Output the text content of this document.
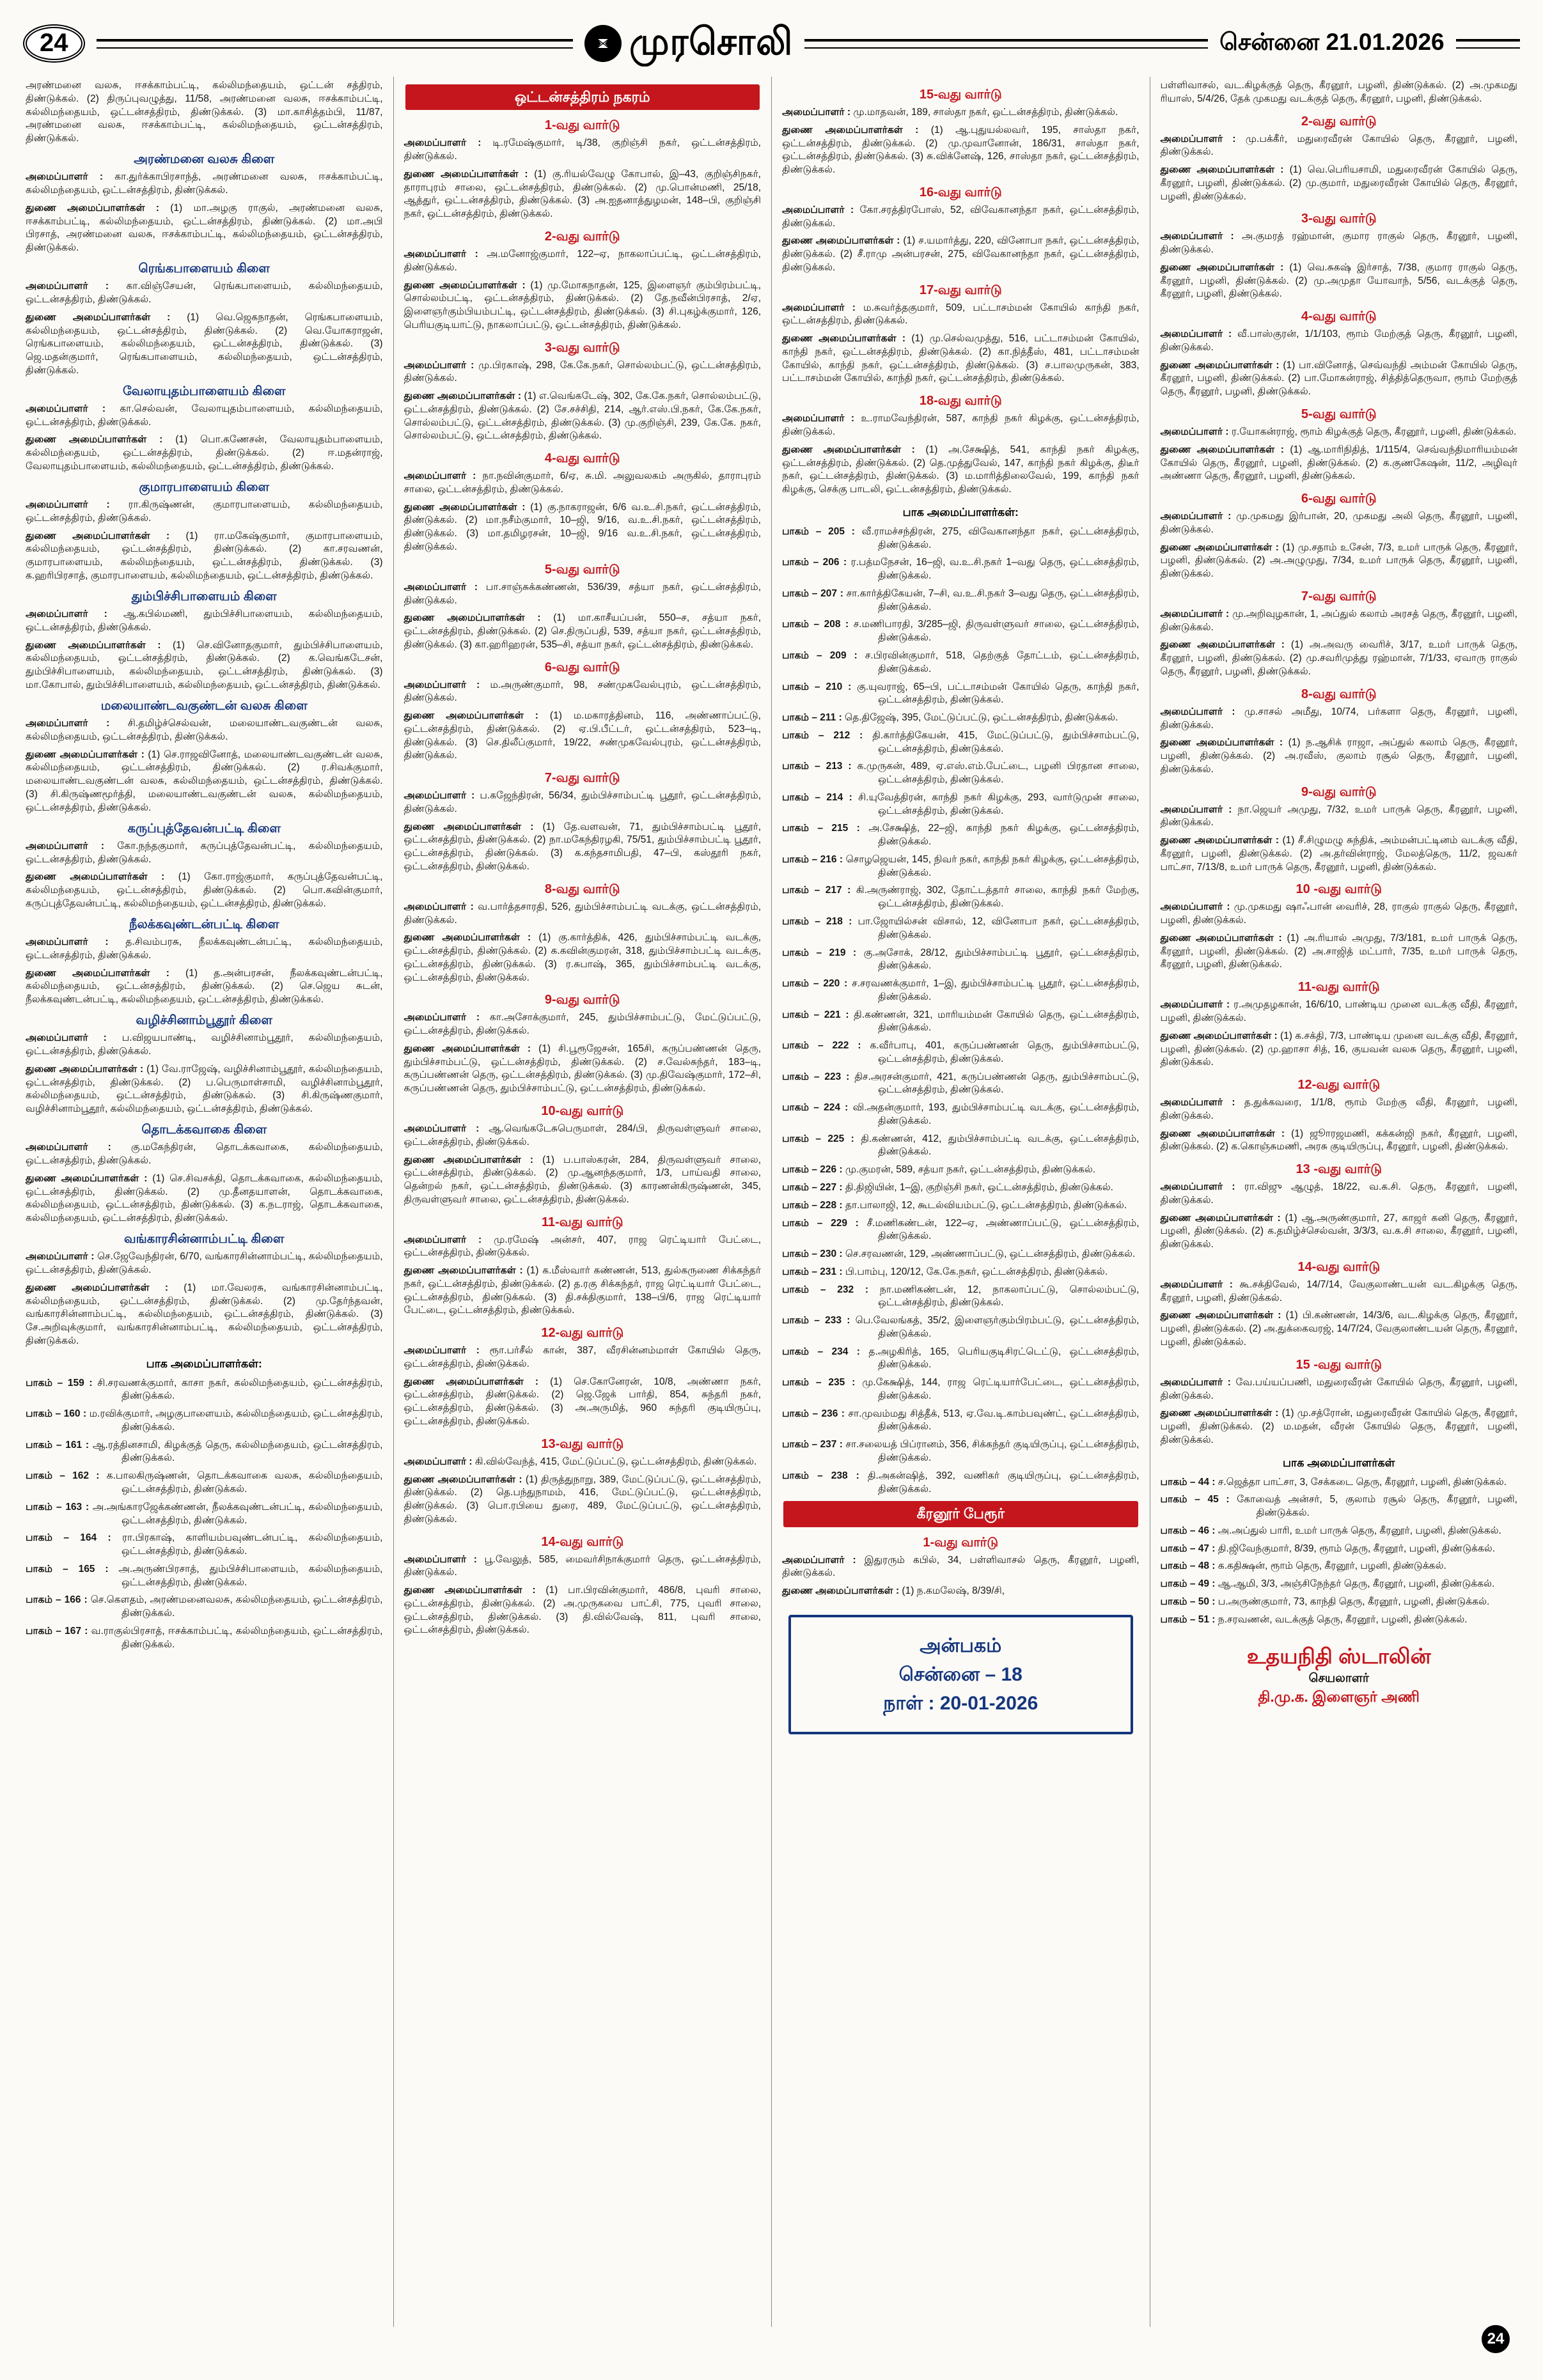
24	முரசொலி	சென்னை 21.01.2026

அரண்மனை வலசு, ஈசக்காம்பட்டி, கல்லிமந்தையம், ஒட்டன் சத்திரம், திண்டுக்கல். (2) திருப்புவழுத்து, 11/58, அரண்மனை வலசு, ஈசக்காம்பட்டி, கல்லிமந்தையம், ஒட்டன்சத்திரம், திண்டுக்கல். (3) மா.காசித்தம்பி, 11/87, அரண்மனை வலசு, ஈசக்காம்பட்டி, கல்லிமந்தையம், ஒட்டன்சத்திரம், திண்டுக்கல்.

அரண்மனை வலசு கிளை

அமைப்பாளர் : கா.துர்க்காபிரசாந்த், அரண்மனை வலசு, ஈசக்காம்பட்டி, கல்லிமந்தையம், ஒட்டன்சத்திரம், திண்டுக்கல்.

துணை அமைப்பாளர்கள் : (1) மா.அழகு ராகுல், அரண்மனை வலசு, ஈசக்காம்பட்டி, கல்லிமந்தையம், ஒட்டன்சத்திரம், திண்டுக்கல். (2) மா.அபி பிரசாத், அரண்மனை வலசு, ஈசக்காம்பட்டி, கல்லிமந்தையம், ஒட்டன்சத்திரம், திண்டுக்கல்.

ரெங்கபாளையம் கிளை

அமைப்பாளர் : கா.விஞ்சேயன், ரெங்கபாளையம், கல்லிமந்தையம், ஒட்டன்சத்திரம், திண்டுக்கல்.

துணை அமைப்பாளர்கள் : (1) வெ.ஜெகநாதன், ரெங்கபாளையம், கல்லிமந்தையம், ஒட்டன்சத்திரம், திண்டுக்கல். (2) வெ.யோகராஜன், ரெங்கபாளையம், கல்லிமந்தையம், ஒட்டன்சத்திரம், திண்டுக்கல். (3) ஜெ.மதன்குமார், ரெங்கபாளையம், கல்லிமந்தையம், ஒட்டன்சத்திரம், திண்டுக்கல்.

வேலாயுதம்பாளையம் கிளை

அமைப்பாளர் : கா.செல்வன், வேலாயுதம்பாளையம், கல்லிமந்தையம், ஒட்டன்சத்திரம், திண்டுக்கல்.

துணை அமைப்பாளர்கள் : (1) பொ.கணேசன், வேலாயுதம்பாளையம், கல்லிமந்தையம், ஒட்டன்சத்திரம், திண்டுக்கல். (2) ஈ.மதன்ராஜ், வேலாயுதம்பாளையம், கல்லிமந்தையம், ஒட்டன்சத்திரம், திண்டுக்கல்.

குமாரபாளையம் கிளை

அமைப்பாளர் : ரா.கிருஷ்ணன், குமாரபாளையம், கல்லிமந்தையம், ஒட்டன்சத்திரம், திண்டுக்கல்.

துணை அமைப்பாளர்கள் : (1) ரா.மகேஷ்குமார், குமாரபாளையம், கல்லிமந்தையம், ஒட்டன்சத்திரம், திண்டுக்கல். (2) கா.சரவணன், குமாரபாளையம், கல்லிமந்தையம், ஒட்டன்சத்திரம், திண்டுக்கல். (3) க.ஹரிபிரசாத், குமாரபாளையம், கல்லிமந்தையம், ஒட்டன்சத்திரம், திண்டுக்கல்.

தும்பிச்சிபாளையம் கிளை

அமைப்பாளர் : ஆ.கபில்மணி, தும்பிச்சிபாளையம், கல்லிமந்தையம், ஒட்டன்சத்திரம், திண்டுக்கல்.

துணை அமைப்பாளர்கள் : (1) செ.வினோதகுமார், தும்பிச்சிபாளையம், கல்லிமந்தையம், ஒட்டன்சத்திரம், திண்டுக்கல். (2) க.வெங்கடேசன், தும்பிச்சிபாளையம், கல்லிமந்தையம், ஒட்டன்சத்திரம், திண்டுக்கல். (3) மா.கோபால், தும்பிச்சிபாளையம், கல்லிமந்தையம், ஒட்டன்சத்திரம், திண்டுக்கல்.

மலையாண்டவகுண்டன் வலசு கிளை

அமைப்பாளர் : சி.தமிழ்ச்செல்வன், மலையாண்டவகுண்டன் வலசு, கல்லிமந்தையம், ஒட்டன்சத்திரம், திண்டுக்கல்.

துணை அமைப்பாளர்கள் : (1) செ.ராஜவினோத், மலையாண்டவகுண்டன் வலசு, கல்லிமந்தையம், ஒட்டன்சத்திரம், திண்டுக்கல். (2) ர.சிவக்குமார், மலையாண்டவகுண்டன் வலசு, கல்லிமந்தையம், ஒட்டன்சத்திரம், திண்டுக்கல். (3) சி.கிருஷ்ணமூர்த்தி, மலையாண்டவகுண்டன் வலசு, கல்லிமந்தையம், ஒட்டன்சத்திரம், திண்டுக்கல்.

கருப்புத்தேவன்பட்டி கிளை

அமைப்பாளர் : கோ.நந்தகுமார், கருப்புத்தேவன்பட்டி, கல்லிமந்தையம், ஒட்டன்சத்திரம், திண்டுக்கல்.

துணை அமைப்பாளர்கள் : (1) கோ.ராஜ்குமார், கருப்புத்தேவன்பட்டி, கல்லிமந்தையம், ஒட்டன்சத்திரம், திண்டுக்கல். (2) பொ.கவின்குமார், கருப்புத்தேவன்பட்டி, கல்லிமந்தையம், ஒட்டன்சத்திரம், திண்டுக்கல்.

நீலக்கவுண்டன்பட்டி கிளை

அமைப்பாளர் : த.சிவம்பரசு, நீலக்கவுண்டன்பட்டி, கல்லிமந்தையம், ஒட்டன்சத்திரம், திண்டுக்கல்.

துணை அமைப்பாளர்கள் : (1) த.அன்பரசன், நீலக்கவுண்டன்பட்டி, கல்லிமந்தையம், ஒட்டன்சத்திரம், திண்டுக்கல். (2) செ.ஜெய சுடன், நீலக்கவுண்டன்பட்டி, கல்லிமந்தையம், ஒட்டன்சத்திரம், திண்டுக்கல்.

வழிச்சினாம்பூதூர் கிளை

அமைப்பாளர் : ப.விஜயபாண்டி, வழிச்சினாம்பூதூர், கல்லிமந்தையம், ஒட்டன்சத்திரம், திண்டுக்கல்.

துணை அமைப்பாளர்கள் : (1) வே.ராஜேஷ், வழிச்சினாம்பூதூர், கல்லிமந்தையம், ஒட்டன்சத்திரம், திண்டுக்கல். (2) ப.பெருமாள்சாமி, வழிச்சினாம்பூதூர், கல்லிமந்தையம், ஒட்டன்சத்திரம், திண்டுக்கல். (3) சி.கிருஷ்ணகுமார், வழிச்சினாம்பூதூர், கல்லிமந்தையம், ஒட்டன்சத்திரம், திண்டுக்கல்.

தொடக்கவாகை கிளை

அமைப்பாளர் : கு.மகேந்திரன், தொடக்கவாகை, கல்லிமந்தையம், ஒட்டன்சத்திரம், திண்டுக்கல்.

துணை அமைப்பாளர்கள் : (1) செ.சிவசக்தி, தொடக்கவாகை, கல்லிமந்தையம், ஒட்டன்சத்திரம், திண்டுக்கல். (2) மு.தீனதயாளன், தொடக்கவாகை, கல்லிமந்தையம், ஒட்டன்சத்திரம், திண்டுக்கல். (3) க.நடராஜ், தொடக்கவாகை, கல்லிமந்தையம், ஒட்டன்சத்திரம், திண்டுக்கல்.

வங்காரசின்னாம்பட்டி கிளை

அமைப்பாளர் : செ.ஜேவேந்திரன், 6/70, வங்காரசின்னாம்பட்டி, கல்லிமந்தையம், ஒட்டன்சத்திரம், திண்டுக்கல்.

துணை அமைப்பாளர்கள் : (1) மா.வேலரசு, வங்காரசின்னாம்பட்டி, கல்லிமந்தையம், ஒட்டன்சத்திரம், திண்டுக்கல். (2) மு.தேர்ந்தவன், வங்காரசின்னாம்பட்டி, கல்லிமந்தையம், ஒட்டன்சத்திரம், திண்டுக்கல். (3) சே.அறிவுக்குமார், வங்காரசின்னாம்பட்டி, கல்லிமந்தையம், ஒட்டன்சத்திரம், திண்டுக்கல்.

பாக அமைப்பாளர்கள்:

பாகம் – 159 : சி.சரவணக்குமார், காசா நகர், கல்லிமந்தையம், ஒட்டன்சத்திரம், திண்டுக்கல்.

பாகம் – 160 : ம.ரவிக்குமார், அழகுபாளையம், கல்லிமந்தையம், ஒட்டன்சத்திரம், திண்டுக்கல்.

பாகம் – 161 : ஆ.ரத்தினசாமி, கிழக்குத் தெரு, கல்லிமந்தையம், ஒட்டன்சத்திரம், திண்டுக்கல்.

பாகம் – 162 : க.பாலகிருஷ்ணன், தொடக்கவாகை வலசு, கல்லிமந்தையம், ஒட்டன்சத்திரம், திண்டுக்கல்.

பாகம் – 163 : அ.அங்காரஜேக்கண்ணன், நீலக்கவுண்டன்பட்டி, கல்லிமந்தையம், ஒட்டன்சத்திரம், திண்டுக்கல்.

பாகம் – 164 : ரா.பிரகாஷ், காளியம்பவுண்டன்பட்டி, கல்லிமந்தையம், ஒட்டன்சத்திரம், திண்டுக்கல்.

பாகம் – 165 : அ.அருண்பிரசாத், தும்பிச்சிபாளையம், கல்லிமந்தையம், ஒட்டன்சத்திரம், திண்டுக்கல்.

பாகம் – 166 : செ.கௌதம், அரண்மனைவலசு, கல்லிமந்தையம், ஒட்டன்சத்திரம், திண்டுக்கல்.

பாகம் – 167 : வ.ராகுல்பிரசாத், ஈசக்காம்பட்டி, கல்லிமந்தையம், ஒட்டன்சத்திரம், திண்டுக்கல்.

ஒட்டன்சத்திரம் நகரம்
1-வது வார்டு

அமைப்பாளர் : டி.ரமேஷ்குமார், டி/38, குறிஞ்சி நகர், ஒட்டன்சத்திரம், திண்டுக்கல்.

துணை அமைப்பாளர்கள் : (1) கு.ரியல்வேழு கோபால், இ–43, குறிஞ்சிநகர், தாராபுரம் சாலை, ஒட்டன்சத்திரம், திண்டுக்கல். (2) மு.பொன்மணி, 25/18, ஆத்துர், ஒட்டன்சத்திரம், திண்டுக்கல். (3) அ.ஐதனாத்துழமன், 148–பி, குறிஞ்சி நகர், ஒட்டன்சத்திரம், திண்டுக்கல்.

2-வது வார்டு

அமைப்பாளர் : அ.மனோஜ்குமார், 122–ஏ, நாகலாப்பட்டி, ஒட்டன்சத்திரம், திண்டுக்கல்.

துணை அமைப்பாளர்கள் : (1) மு.மோகநாதன், 125, இளைஞர் கும்பிரம்பட்டி, சொல்லம்பட்டி, ஒட்டன்சத்திரம், திண்டுக்கல். (2) தே.நவீன்பிரசாத், 2/ஏ, இளைஞர்கும்பியம்பட்டி, ஒட்டன்சத்திரம், திண்டுக்கல். (3) சி.புகழ்க்குமார், 126, பெரியகுடியாட்டு, நாகலாப்பட்டு, ஒட்டன்சத்திரம், திண்டுக்கல்.

3-வது வார்டு

அமைப்பாளர் : மு.பிரகாஷ், 298, கே.கே.நகர், சொல்லம்பட்டு, ஒட்டன்சத்திரம், திண்டுக்கல்.

துணை அமைப்பாளர்கள் : (1) எ.வெங்கடேஷ், 302, கே.கே.நகர், சொல்லம்பட்டு, ஒட்டன்சத்திரம், திண்டுக்கல். (2) சே.சச்சிதி, 214, ஆர்.எஸ்.பி.நகர், கே.கே.நகர், சொல்லம்பட்டு, ஒட்டன்சத்திரம், திண்டுக்கல். (3) மு.குறிஞ்சி, 239, கே.கே. நகர், சொல்லம்பட்டு, ஒட்டன்சத்திரம், திண்டுக்கல்.

4-வது வார்டு

அமைப்பாளர் : நா.நவின்குமார், 6/ஏ, சு.மி. அலுவலகம் அருகில், தாராபுரம் சாலை, ஒட்டன்சத்திரம், திண்டுக்கல்.

துணை அமைப்பாளர்கள் : (1) கு.நாகராஜன், 6/6 வ.உ.சி.நகர், ஒட்டன்சத்திரம், திண்டுக்கல். (2) மா.நசீம்குமார், 10–ஜி, 9/16, வ.உ.சி.நகர், ஒட்டன்சத்திரம், திண்டுக்கல். (3) மா.தமிழரசன், 10–ஜி, 9/16 வ.உ.சி.நகர், ஒட்டன்சத்திரம், திண்டுக்கல்.

5-வது வார்டு

அமைப்பாளர் : பா.சாஞ்சுக்கண்ணன், 536/39, சத்யா நகர், ஒட்டன்சத்திரம், திண்டுக்கல்.

துணை அமைப்பாளர்கள் : (1) மா.காசீயப்பன், 550–ச, சத்யா நகர், ஒட்டன்சத்திரம், திண்டுக்கல். (2) செ.திருப்பதி, 539, சத்யா நகர், ஒட்டன்சத்திரம், திண்டுக்கல். (3) கா.ஹரிஹரன், 535–சி, சத்யா நகர், ஒட்டன்சத்திரம், திண்டுக்கல்.

6-வது வார்டு

அமைப்பாளர் : ம.அருண்குமார், 98, சண்முகவேல்புரம், ஒட்டன்சத்திரம், திண்டுக்கல்.

துணை அமைப்பாளர்கள் : (1) ம.மகாரத்தினம், 116, அண்ணாப்பட்டு, ஒட்டன்சத்திரம், திண்டுக்கல். (2) ஏ.பி.பீட்டர், ஒட்டன்சத்திரம், 523–டி, திண்டுக்கல். (3) செ.திலீப்குமார், 19/22, சண்முகவேல்புரம், ஒட்டன்சத்திரம், திண்டுக்கல்.

7-வது வார்டு

அமைப்பாளர் : ப.கஜேந்திரன், 56/34, தும்பிச்சாம்பட்டி பூதூர், ஒட்டன்சத்திரம், திண்டுக்கல்.

துணை அமைப்பாளர்கள் : (1) தே.வளவன், 71, தும்பிச்சாம்பட்டி பூதூர், ஒட்டன்சத்திரம், திண்டுக்கல். (2) நா.மகேந்திரழகி, 75/51, தும்பிச்சாம்பட்டி பூதூர், ஒட்டன்சத்திரம், திண்டுக்கல். (3) க.கந்தசாமிபதி, 47–பி, கஸ்தூரி நகர், ஒட்டன்சத்திரம், திண்டுக்கல்.

8-வது வார்டு

அமைப்பாளர் : வ.பார்த்தசாரதி, 526, தும்பிச்சாம்பட்டி வடக்கு, ஒட்டன்சத்திரம், திண்டுக்கல்.

துணை அமைப்பாளர்கள் : (1) கு.கார்த்திக், 426, தும்பிச்சாம்பட்டி வடக்கு, ஒட்டன்சத்திரம், திண்டுக்கல். (2) க.கவின்குமரன், 318, தும்பிச்சாம்பட்டி வடக்கு, ஒட்டன்சத்திரம், திண்டுக்கல். (3) ர.சுபாஷ், 365, தும்பிச்சாம்பட்டி வடக்கு, ஒட்டன்சத்திரம், திண்டுக்கல்.

9-வது வார்டு

அமைப்பாளர் : கா.அசோக்குமார், 245, தும்பிச்சாம்பட்டு, மேட்டுப்பட்டு, ஒட்டன்சத்திரம், திண்டுக்கல்.

துணை அமைப்பாளர்கள் : (1) சி.பூரூஜேசன், 165சி, கருப்பண்ணன் தெரு, தும்பிச்சாம்பட்டு, ஒட்டன்சத்திரம், திண்டுக்கல். (2) ச.வேல்சுந்தர், 183–டி, கருப்பண்ணன் தெரு, ஒட்டன்சத்திரம், திண்டுக்கல். (3) மு.திவேஷ்குமார், 172–சி, கருப்பண்ணன் தெரு, தும்பிச்சாம்பட்டு, ஒட்டன்சத்திரம், திண்டுக்கல்.

10-வது வார்டு

அமைப்பாளர் : ஆ.வெங்கடேசுபெருமாள், 284/பி, திருவள்ளுவர் சாலை, ஒட்டன்சத்திரம், திண்டுக்கல்.

துணை அமைப்பாளர்கள் : (1) ப.பாஸ்கரன், 284, திருவள்ளுவர் சாலை, ஒட்டன்சத்திரம், திண்டுக்கல். (2) மு.ஆனந்தகுமார், 1/3, பாய்வதி சாலை, தென்றல் நகர், ஒட்டன்சத்திரம், திண்டுக்கல். (3) காரணன்கிருஷ்ணன், 345, திருவள்ளுவர் சாலை, ஒட்டன்சத்திரம், திண்டுக்கல்.

11-வது வார்டு

அமைப்பாளர் : மு.ரமேஷ் அன்சர், 407, ராஜ ரெட்டியார் பேட்டை, ஒட்டன்சத்திரம், திண்டுக்கல்.

துணை அமைப்பாளர்கள் : (1) க.மீஸ்வார் கண்ணன், 513, துல்கருணை சிக்கந்தர் நகர், ஒட்டன்சத்திரம், திண்டுக்கல். (2) த.ரகு சிக்கந்தர், ராஜ ரெட்டியார் பேட்டை, ஒட்டன்சத்திரம், திண்டுக்கல். (3) தி.சக்திகுமார், 138–பி/6, ராஜ ரெட்டியார் பேட்டை, ஒட்டன்சத்திரம், திண்டுக்கல்.

12-வது வார்டு

அமைப்பாளர் : ரூா.பர்சீல் கான், 387, வீரசின்னம்மாள் கோயில் தெரு, ஒட்டன்சத்திரம், திண்டுக்கல்.

துணை அமைப்பாளர்கள் : (1) செ.கோனேரன், 10/8, அண்ணா நகர், ஒட்டன்சத்திரம், திண்டுக்கல். (2) ஜெ.ஜேக் பார்தி, 854, சுந்தரி நகர், ஒட்டன்சத்திரம், திண்டுக்கல். (3) அ.அருமித், 960 சுந்தரி குடியிருப்பு, ஒட்டன்சத்திரம், திண்டுக்கல்.

13-வது வார்டு

அமைப்பாளர் : கி.வில்வேந்த், 415, மேட்டுப்பட்டு, ஒட்டன்சத்திரம், திண்டுக்கல்.

துணை அமைப்பாளர்கள் : (1) திருத்துநாறு, 389, மேட்டுப்பட்டு, ஒட்டன்சத்திரம், திண்டுக்கல். (2) தெ.பந்துநாமம், 416, மேட்டுப்பட்டு, ஒட்டன்சத்திரம், திண்டுக்கல். (3) பொ.ரபியை துரை, 489, மேட்டுப்பட்டு, ஒட்டன்சத்திரம், திண்டுக்கல்.

14-வது வார்டு

அமைப்பாளர் : பூ.வேலுத், 585, மைவர்சிநாக்குமார் தெரு, ஒட்டன்சத்திரம், திண்டுக்கல்.

துணை அமைப்பாளர்கள் : (1) பா.பிரவின்குமார், 486/8, புவரி சாலை, ஒட்டன்சத்திரம், திண்டுக்கல். (2) அ.முருகவை பாட்சி, 775, புவரி சாலை, ஒட்டன்சத்திரம், திண்டுக்கல். (3) தி.வில்வேஷ், 811, புவரி சாலை, ஒட்டன்சத்திரம், திண்டுக்கல்.

15-வது வார்டு

அமைப்பாளர் : மு.மாதவன், 189, சாஸ்தா நகர், ஒட்டன்சத்திரம், திண்டுக்கல்.

துணை அமைப்பாளர்கள் : (1) ஆ.புதுயல்லவர், 195, சாஸ்தா நகர், ஒட்டன்சத்திரம், திண்டுக்கல். (2) மு.முவானோன், 186/31, சாஸ்தா நகர், ஒட்டன்சத்திரம், திண்டுக்கல். (3) சு.விக்னேஷ், 126, சாஸ்தா நகர், ஒட்டன்சத்திரம், திண்டுக்கல்.

16-வது வார்டு

அமைப்பாளர் : கோ.சரத்திரபோஸ், 52, விவேகானந்தா நகர், ஒட்டன்சத்திரம், திண்டுக்கல்.

துணை அமைப்பாளர்கள் : (1) ச.யமார்த்து, 220, வினோபா நகர், ஒட்டன்சத்திரம், திண்டுக்கல். (2) சீ.ராமு அன்பரசன், 275, விவேகானந்தா நகர், ஒட்டன்சத்திரம், திண்டுக்கல்.

17-வது வார்டு

அமைப்பாளர் : ம.சுவர்த்தகுமார், 509, பட்டாசம்மன் கோயில் காந்தி நகர், ஒட்டன்சத்திரம், திண்டுக்கல்.

துணை அமைப்பாளர்கள் : (1) மு.செல்வமுத்து, 516, பட்டாசம்மன் கோயில், காந்தி நகர், ஒட்டன்சத்திரம், திண்டுக்கல். (2) கா.நித்தீஸ், 481, பட்டாசம்மன் கோயில், காந்தி நகர், ஒட்டன்சத்திரம், திண்டுக்கல். (3) ச.பாலமுருகன், 383, பட்டாசம்மன் கோயில், காந்தி நகர், ஒட்டன்சத்திரம், திண்டுக்கல்.

18-வது வார்டு

அமைப்பாளர் : உ.ராமவேந்திரன், 587, காந்தி நகர் கிழக்கு, ஒட்டன்சத்திரம், திண்டுக்கல்.

துணை அமைப்பாளர்கள் : (1) அ.சேக்ஷித், 541, காந்தி நகர் கிழக்கு, ஒட்டன்சத்திரம், திண்டுக்கல். (2) தெ.முத்துவேல், 147, காந்தி நகர் கிழக்கு, திடீர் நகர், ஒட்டன்சத்திரம், திண்டுக்கல். (3) ம.மாரித்திலைவேல், 199, காந்தி நகர் கிழக்கு, செக்கு பாடலி, ஒட்டன்சத்திரம், திண்டுக்கல்.

பாக அமைப்பாளர்கள்:

பாகம் – 205 : வீ.ராமச்சந்திரன், 275, விவேகானந்தா நகர், ஒட்டன்சத்திரம், திண்டுக்கல்.

பாகம் – 206 : ர.பத்மநேசன், 16–ஜி, வ.உ.சி.நகர் 1–வது தெரு, ஒட்டன்சத்திரம், திண்டுக்கல்.

பாகம் – 207 : சா.கார்த்திகேயன், 7–சி, வ.உ.சி.நகர் 3–வது தெரு, ஒட்டன்சத்திரம், திண்டுக்கல்.

பாகம் – 208 : ச.மணிபாரதி, 3/285–ஜி, திருவள்ளுவர் சாலை, ஒட்டன்சத்திரம், திண்டுக்கல்.

பாகம் – 209 : ச.பிரவின்குமார், 518, தெற்குத் தோட்டம், ஒட்டன்சத்திரம், திண்டுக்கல்.

பாகம் – 210 : கு.யுவராஜ், 65–பி, பட்டாசம்மன் கோயில் தெரு, காந்தி நகர், ஒட்டன்சத்திரம், திண்டுக்கல்.

பாகம் – 211 : தெ.திஜேஷ், 395, மேட்டுப்பட்டு, ஒட்டன்சத்திரம், திண்டுக்கல்.

பாகம் – 212 : தி.கார்த்திகேயன், 415, மேட்டுப்பட்டு, தும்பிச்சாம்பட்டு, ஒட்டன்சத்திரம், திண்டுக்கல்.

பாகம் – 213 : க.முருகன், 489, ஏ.எஸ்.எம்.பேட்டை, பழனி பிரதான சாலை, ஒட்டன்சத்திரம், திண்டுக்கல்.

பாகம் – 214 : சி.யுவேத்திரன், காந்தி நகர் கிழக்கு, 293, வார்டுமுன் சாலை, ஒட்டன்சத்திரம், திண்டுக்கல்.

பாகம் – 215 : அ.சேக்ஷித், 22–ஜி, காந்தி நகர் கிழக்கு, ஒட்டன்சத்திரம், திண்டுக்கல்.

பாகம் – 216 : சொழஜெயன், 145, நிவர் நகர், காந்தி நகர் கிழக்கு, ஒட்டன்சத்திரம், திண்டுக்கல்.

பாகம் – 217 : கி.அருண்ராஜ், 302, தோட்டத்தார் சாலை, காந்தி நகர் மேற்கு, ஒட்டன்சத்திரம், திண்டுக்கல்.

பாகம் – 218 : பா.ஜோயில்சன் விசால், 12, வினோபா நகர், ஒட்டன்சத்திரம், திண்டுக்கல்.

பாகம் – 219 : கு.அசோக், 28/12, தும்பிச்சாம்பட்டி பூதூர், ஒட்டன்சத்திரம், திண்டுக்கல்.

பாகம் – 220 : ச.சரவணக்குமார், 1–இ, தும்பிச்சாம்பட்டி பூதூர், ஒட்டன்சத்திரம், திண்டுக்கல்.

பாகம் – 221 : தி.கண்ணன், 321, மாரியம்மன் கோயில் தெரு, ஒட்டன்சத்திரம், திண்டுக்கல்.

பாகம் – 222 : க.வீர்பாபு, 401, கருப்பண்ணன் தெரு, தும்பிச்சாம்பட்டு, ஒட்டன்சத்திரம், திண்டுக்கல்.

பாகம் – 223 : திச.அரசன்குமார், 421, கருப்பண்ணன் தெரு, தும்பிச்சாம்பட்டு, ஒட்டன்சத்திரம், திண்டுக்கல்.

பாகம் – 224 : வி.அதன்குமார், 193, தும்பிச்சாம்பட்டி வடக்கு, ஒட்டன்சத்திரம், திண்டுக்கல்.

பாகம் – 225 : தி.கண்ணன், 412, தும்பிச்சாம்பட்டி வடக்கு, ஒட்டன்சத்திரம், திண்டுக்கல்.

பாகம் – 226 : மு.குமரன், 589, சத்யா நகர், ஒட்டன்சத்திரம், திண்டுக்கல்.

பாகம் – 227 : தி.திஜியின், 1–இ, குறிஞ்சி நகர், ஒட்டன்சத்திரம், திண்டுக்கல்.

பாகம் – 228 : தா.பாலாஜி, 12, கூடல்வியம்பட்டு, ஒட்டன்சத்திரம், திண்டுக்கல்.

பாகம் – 229 : சீ.மணிகண்டன், 122–ஏ, அண்ணாப்பட்டு, ஒட்டன்சத்திரம், திண்டுக்கல்.

பாகம் – 230 : செ.சரவணன், 129, அண்ணாப்பட்டு, ஒட்டன்சத்திரம், திண்டுக்கல்.

பாகம் – 231 : பி.பாம்பு, 120/12, கே.கே.நகர், ஒட்டன்சத்திரம், திண்டுக்கல்.

பாகம் – 232 : நா.மணிகண்டன், 12, நாகலாப்பட்டு, சொல்லம்பட்டு, ஒட்டன்சத்திரம், திண்டுக்கல்.

பாகம் – 233 : பெ.வேலங்கத், 35/2, இளைஞர்கும்பிரம்பட்டு, ஒட்டன்சத்திரம், திண்டுக்கல்.

பாகம் – 234 : த.அழகிரித், 165, பெரியகுடிசிரட்டெட்டு, ஒட்டன்சத்திரம், திண்டுக்கல்.

பாகம் – 235 : மு.கேக்ஷித், 144, ராஜ ரெட்டியார்பேட்டை, ஒட்டன்சத்திரம், திண்டுக்கல்.

பாகம் – 236 : சா.முவம்மது சித்தீக், 513, ஏ.வே.டி.காம்பவுண்ட், ஒட்டன்சத்திரம், திண்டுக்கல்.

பாகம் – 237 : சா.சலையத் பிப்ரானம், 356, சிக்கந்தர் குடியிருப்பு, ஒட்டன்சத்திரம், திண்டுக்கல்.

பாகம் – 238 : தி.அகன்ஷித், 392, வணிகர் குடியிருப்பு, ஒட்டன்சத்திரம், திண்டுக்கல்.

கீரனூர் பேரூர்
1-வது வார்டு

அமைப்பாளர் : இதுரரும் கபில், 34, பள்ளிவாசல் தெரு, கீரனூர், பழனி, திண்டுக்கல்.

துணை அமைப்பாளர்கள் : (1) ந.கமலேஷ், 8/39/சி,

அன்பகம்
சென்னை – 18
நாள் : 20-01-2026

பள்ளிவாசல், வட.கிழக்குத் தெரு, கீரனூர், பழனி, திண்டுக்கல். (2) அ.முகமது ரியாஸ், 5/4/26, தேக் முகமது வடக்குத் தெரு, கீரனூர், பழனி, திண்டுக்கல்.

2-வது வார்டு

அமைப்பாளர் : மு.பக்கீர், மதுரைவீரன் கோயில் தெரு, கீரனூர், பழனி, திண்டுக்கல்.

துணை அமைப்பாளர்கள் : (1) வெ.பெரியசாமி, மதுரைவீரன் கோயில் தெரு, கீரனூர், பழனி, திண்டுக்கல். (2) மு.குமார், மதுரைவீரன் கோயில் தெரு, கீரனூர், பழனி, திண்டுக்கல்.

3-வது வார்டு

அமைப்பாளர் : அ.குமரத் ரஹ்மான், குமார ராகுல் தெரு, கீரனூர், பழனி, திண்டுக்கல்.

துணை அமைப்பாளர்கள் : (1) வெ.சுகஷ் இர்சாத், 7/38, குமார ராகுல் தெரு, கீரனூர், பழனி, திண்டுக்கல். (2) மு.அமுதா யோவாந், 5/56, வடக்குத் தெரு, கீரனூர், பழனி, திண்டுக்கல்.

4-வது வார்டு

அமைப்பாளர் : வீ.பாஸ்குரன், 1/1/103, ரூாம் மேற்குத் தெரு, கீரனூர், பழனி, திண்டுக்கல்.

துணை அமைப்பாளர்கள் : (1) பா.வினோத், செவ்வந்தி அம்மன் கோயில் தெரு, கீரனூர், பழனி, திண்டுக்கல். (2) பா.மோகன்ராஜ், சித்தித்தெருவா, ரூாம் மேற்குத் தெரு, கீரனூர், பழனி, திண்டுக்கல்.

5-வது வார்டு

அமைப்பாளர் : ர.யோகன்ராஜ், ரூாம் கிழக்குத் தெரு, கீரனூர், பழனி, திண்டுக்கல்.

துணை அமைப்பாளர்கள் : (1) ஆ.மாரிநிதித், 1/115/4, செவ்வந்திமாரியம்மன் கோயில் தெரு, கீரனூர், பழனி, திண்டுக்கல். (2) க.குணகேஷன், 11/2, அழிவுர் அண்ணா தெரு, கீரனூர், பழனி, திண்டுக்கல்.

6-வது வார்டு

அமைப்பாளர் : மு.முகமது இர்பான், 20, முகமது அலி தெரு, கீரனூர், பழனி, திண்டுக்கல்.

துணை அமைப்பாளர்கள் : (1) மு.சதாம் உசேன், 7/3, உமர் பாருக் தெரு, கீரனூர், பழனி, திண்டுக்கல். (2) அ.அழுமுது, 7/34, உமர் பாருக் தெரு, கீரனூர், பழனி, திண்டுக்கல்.

7-வது வார்டு

அமைப்பாளர் : மு.அறிவுழகான், 1, அப்துல் கலாம் அரசத் தெரு, கீரனூர், பழனி, திண்டுக்கல்.

துணை அமைப்பாளர்கள் : (1) அ.அவரு வைரிச், 3/17, உமர் பாருக் தெரு, கீரனூர், பழனி, திண்டுக்கல். (2) மு.சவரிமுத்து ரஹ்மான், 7/1/33, ஏவாரு ராகுல் தெரு, கீரனூர், பழனி, திண்டுக்கல்.

8-வது வார்டு

அமைப்பாளர் : மு.சாசல் அமீது, 10/74, பர்களா தெரு, கீரனூர், பழனி, திண்டுக்கல்.

துணை அமைப்பாளர்கள் : (1) ந.ஆசிக் ராஜா, அப்துல் கலாம் தெரு, கீரனூர், பழனி, திண்டுக்கல். (2) அ.ரவீஸ், குலாம் ரசூல் தெரு, கீரனூர், பழனி, திண்டுக்கல்.

9-வது வார்டு

அமைப்பாளர் : நா.ஜெயர் அமுது, 7/32, உமர் பாருக் தெரு, கீரனூர், பழனி, திண்டுக்கல்.

துணை அமைப்பாளர்கள் : (1) சீ.சிழுமழு சுந்திக், அம்மன்பட்டினம் வடக்கு வீதி, கீரனூர், பழனி, திண்டுக்கல். (2) அ.தர்வின்ராஜ், மேலத்தெரு, 11/2, ஜவகர் பாட்சா, 7/13/8, உமர் பாருக் தெரு, கீரனூர், பழனி, திண்டுக்கல்.

10 -வது வார்டு

அமைப்பாளர் : மு.முகமது ஷாஃபான் வைரிச், 28, ராகுல் ராகுல் தெரு, கீரனூர், பழனி, திண்டுக்கல்.

துணை அமைப்பாளர்கள் : (1) அ.ரியால் அமுது, 7/3/181, உமர் பாருக் தெரு, கீரனூர், பழனி, திண்டுக்கல். (2) அ.சாஜித் மட்பார், 7/35, உமர் பாருக் தெரு, கீரனூர், பழனி, திண்டுக்கல்.

11-வது வார்டு

அமைப்பாளர் : ர.அமுதழகான், 16/6/10, பாண்டிய முனை வடக்கு வீதி, கீரனூர், பழனி, திண்டுக்கல்.

துணை அமைப்பாளர்கள் : (1) க.சக்தி, 7/3, பாண்டிய முனை வடக்கு வீதி, கீரனூர், பழனி, திண்டுக்கல். (2) மு.ஹாசா சித், 16, குயவன் வலசு தெரு, கீரனூர், பழனி, திண்டுக்கல்.

12-வது வார்டு

அமைப்பாளர் : த.துக்கவரை, 1/1/8, ரூாம் மேற்கு வீதி, கீரனூர், பழனி, திண்டுக்கல்.

துணை அமைப்பாளர்கள் : (1) ஜூாரஜமணி, கக்கன்ஜி நகர், கீரனூர், பழனி, திண்டுக்கல். (2) க.கொஞ்சுமணி, அரசு குடியிருப்பு, கீரனூர், பழனி, திண்டுக்கல்.

13 -வது வார்டு

அமைப்பாளர் : ரா.விஜு ஆழுத், 18/22, வ.க.சி. தெரு, கீரனூர், பழனி, திண்டுக்கல்.

துணை அமைப்பாளர்கள் : (1) ஆ.அருண்குமார், 27, காஜர் கனி தெரு, கீரனூர், பழனி, திண்டுக்கல். (2) க.தமிழ்ச்செல்வன், 3/3/3, வ.க.சி சாலை, கீரனூர், பழனி, திண்டுக்கல்.

14-வது வார்டு

அமைப்பாளர் : கூ.சக்திவேல், 14/7/14, வேகுலாண்டயன் வட.கிழக்கு தெரு, கீரனூர், பழனி, திண்டுக்கல்.

துணை அமைப்பாளர்கள் : (1) பி.கண்ணன், 14/3/6, வட.கிழக்கு தெரு, கீரனூர், பழனி, திண்டுக்கல். (2) அ.துக்கைவரஜ், 14/7/24, வேகுலாண்டயன் தெரு, கீரனூர், பழனி, திண்டுக்கல்.

15 -வது வார்டு

அமைப்பாளர் : வே.பய்யப்பணி, மதுரைவீரன் கோயில் தெரு, கீரனூர், பழனி, திண்டுக்கல்.

துணை அமைப்பாளர்கள் : (1) மு.சத்ரோன், மதுரைவீரன் கோயில் தெரு, கீரனூர், பழனி, திண்டுக்கல். (2) ம.மதன், வீரன் கோயில் தெரு, கீரனூர், பழனி, திண்டுக்கல்.

பாக அமைப்பாளர்கள்

பாகம் – 44 : ச.ஜெத்தா பாட்சா, 3, சேக்கடை தெரு, கீரனூர், பழனி, திண்டுக்கல்.

பாகம் – 45 : கோவைத் அன்சர், 5, குலாம் ரசூல் தெரு, கீரனூர், பழனி, திண்டுக்கல்.

பாகம் – 46 : அ.அப்துல் பாரி, உமர் பாருக் தெரு, கீரனூர், பழனி, திண்டுக்கல்.

பாகம் – 47 : தி.ஜிவேந்குமார், 8/39, ரூாம் தெரு, கீரனூர், பழனி, திண்டுக்கல்.

பாகம் – 48 : க.கதிக்ஷன், ரூாம் தெரு, கீரனூர், பழனி, திண்டுக்கல்.

பாகம் – 49 : ஆ.ஆமி, 3/3, அஞ்சிநேந்தர் தெரு, கீரனூர், பழனி, திண்டுக்கல்.

பாகம் – 50 : ப.அருண்குமார், 73, காந்தி தெரு, கீரனூர், பழனி, திண்டுக்கல்.

பாகம் – 51 : ந.சரவணன், வடக்குத் தெரு, கீரனூர், பழனி, திண்டுக்கல்.

உதயநிதி ஸ்டாலின்
செயலாளர்
தி.மு.க. இளைஞர் அணி
24
